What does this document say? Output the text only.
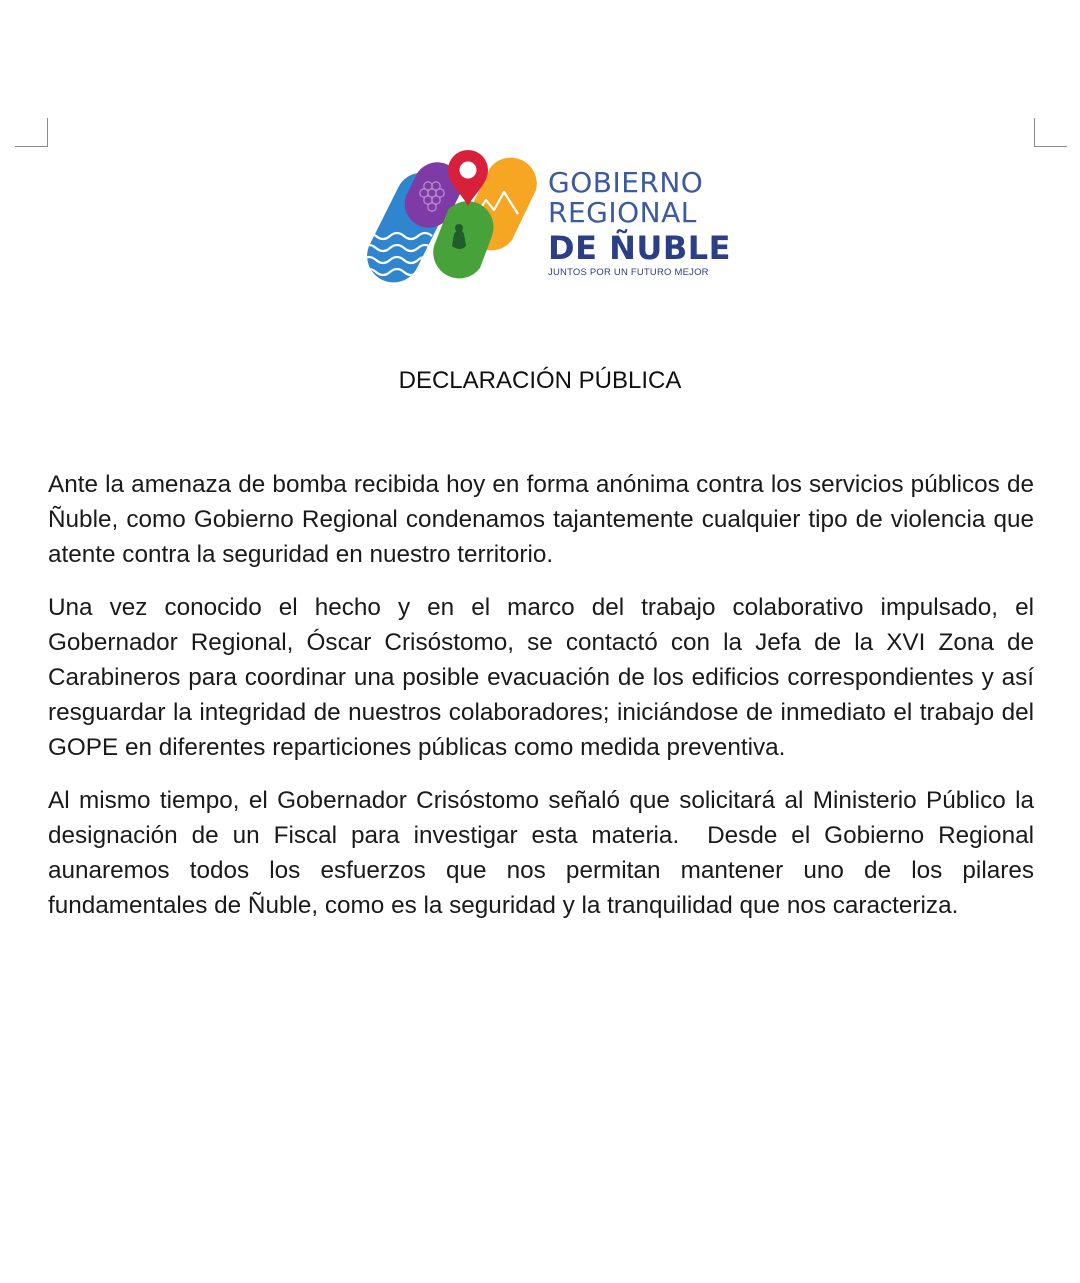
GOBIERNO
REGIONAL
DE ÑUBLE
JUNTOS POR UN FUTURO MEJOR
DECLARACIÓN PÚBLICA

Ante la amenaza de bomba recibida hoy en forma anónima contra los servicios públicos de Ñuble, como Gobierno Regional condenamos tajantemente cualquier tipo de violencia que atente contra la seguridad en nuestro territorio.

Una vez conocido el hecho y en el marco del trabajo colaborativo impulsado, el Gobernador Regional, Óscar Crisóstomo, se contactó con la Jefa de la XVI Zona de Carabineros para coordinar una posible evacuación de los edificios correspondientes y así resguardar la integridad de nuestros colaboradores; iniciándose de inmediato el trabajo del GOPE en diferentes reparticiones públicas como medida preventiva.

Al mismo tiempo, el Gobernador Crisóstomo señaló que solicitará al Ministerio Público la designación de un Fiscal para investigar esta materia.  Desde el Gobierno Regional aunaremos todos los esfuerzos que nos permitan mantener uno de los pilares fundamentales de Ñuble, como es la seguridad y la tranquilidad que nos caracteriza.
